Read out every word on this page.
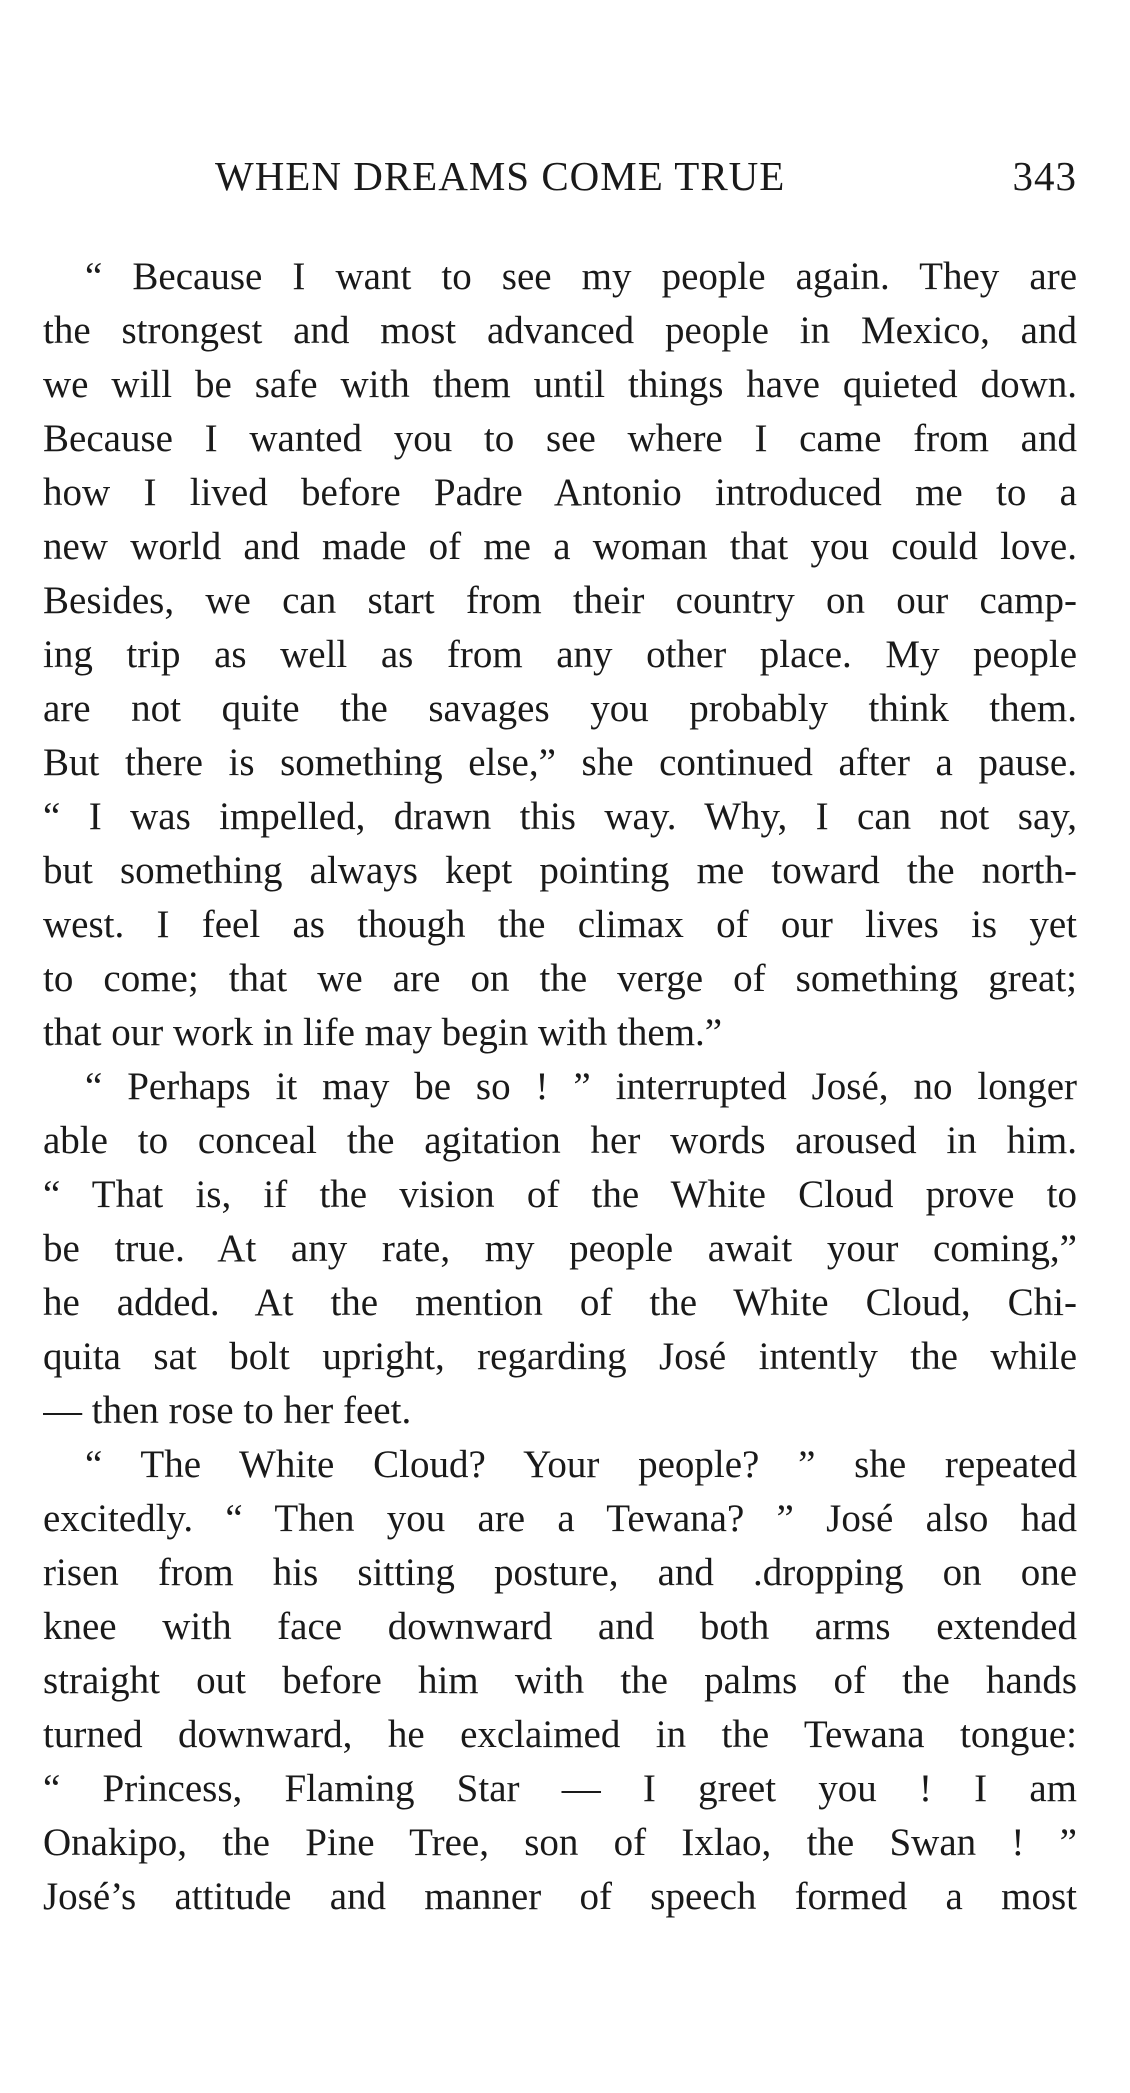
WHEN DREAMS COME TRUE	343
“ Because I want to see my people again. They are
the strongest and most advanced people in Mexico, and
we will be safe with them until things have quieted down.
Because I wanted you to see where I came from and
how I lived before Padre Antonio introduced me to a
new world and made of me a woman that you could love.
Besides, we can start from their country on our camp-
ing trip as well as from any other place. My people
are not quite the savages you probably think them.
But there is something else,” she continued after a pause.
“ I was impelled, drawn this way. Why, I can not say,
but something always kept pointing me toward the north-
west. I feel as though the climax of our lives is yet
to come; that we are on the verge of something great;
that our work in life may begin with them.”
“ Perhaps it may be so ! ” interrupted José, no longer
able to conceal the agitation her words aroused in him.
“ That is, if the vision of the White Cloud prove to
be true. At any rate, my people await your coming,”
he added. At the mention of the White Cloud, Chi-
quita sat bolt upright, regarding José intently the while
— then rose to her feet.
“ The White Cloud? Your people? ” she repeated
excitedly. “ Then you are a Tewana? ” José also had
risen from his sitting posture, and .dropping on one
knee with face downward and both arms extended
straight out before him with the palms of the hands
turned downward, he exclaimed in the Tewana tongue:
“ Princess, Flaming Star — I greet you ! I am
Onakipo, the Pine Tree, son of Ixlao, the Swan ! ”
José’s attitude and manner of speech formed a most
